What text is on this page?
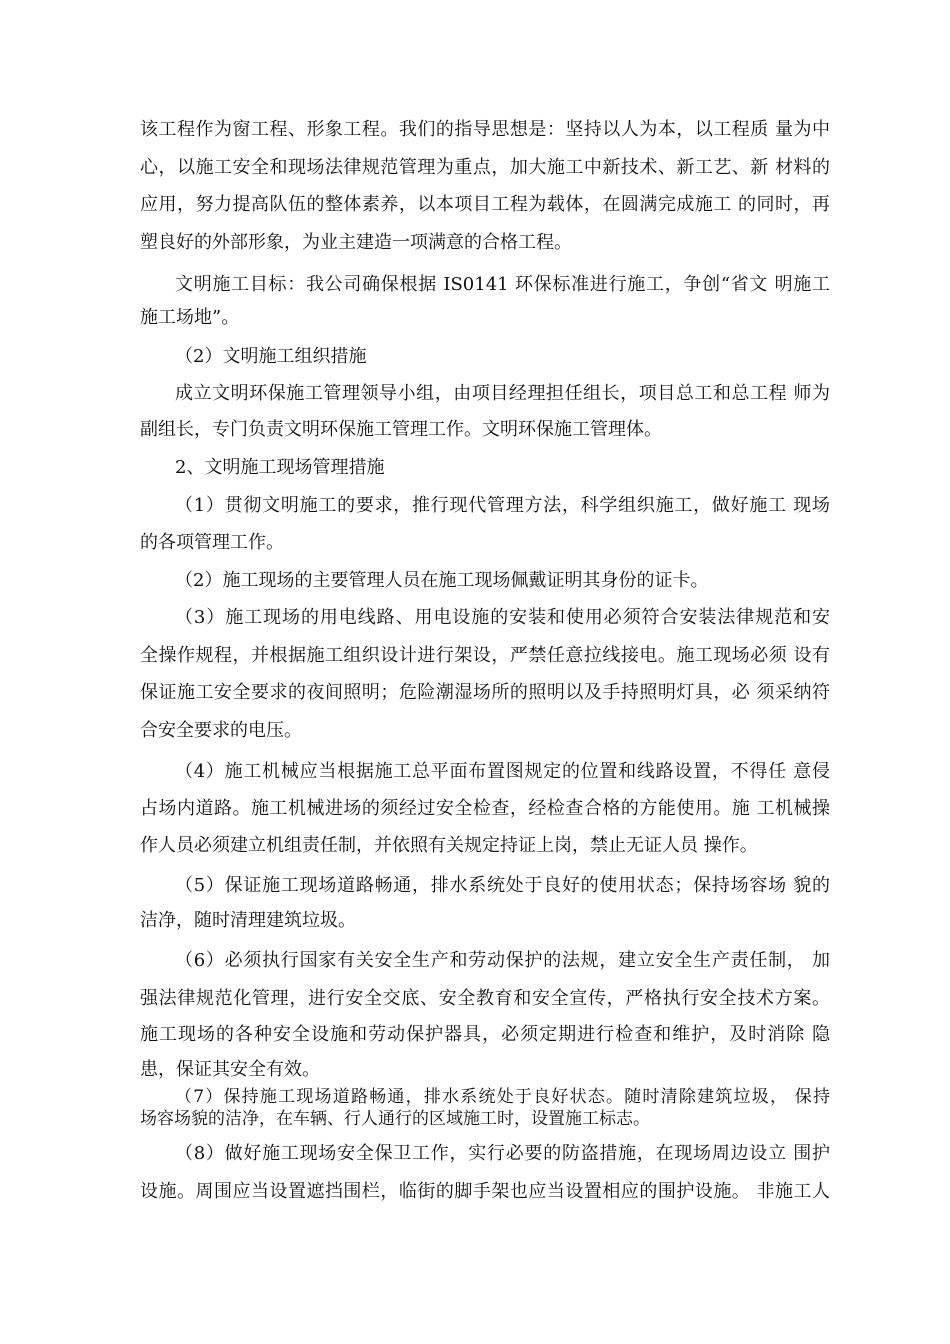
该工程作为窗工程、形象工程。我们的指导思想是：坚持以人为本，以工程质 量为中
心，以施工安全和现场法律规范管理为重点，加大施工中新技术、新工艺、新 材料的
应用，努力提高队伍的整体素养，以本项目工程为载体，在圆满完成施工 的同时，再
塑良好的外部形象，为业主建造一项满意的合格工程。
文明施工目标：我公司确保根据 IS0141 环保标准进行施工，争创“省文 明施工
施工场地”。
（2）文明施工组织措施
成立文明环保施工管理领导小组，由项目经理担任组长，项目总工和总工程 师为
副组长，专门负责文明环保施工管理工作。文明环保施工管理体。
2、文明施工现场管理措施
（1）贯彻文明施工的要求，推行现代管理方法，科学组织施工，做好施工 现场
的各项管理工作。
（2）施工现场的主要管理人员在施工现场佩戴证明其身份的证卡。
（3）施工现场的用电线路、用电设施的安装和使用必须符合安装法律规范和安
全操作规程，并根据施工组织设计进行架设，严禁任意拉线接电。施工现场必须 设有
保证施工安全要求的夜间照明；危险潮湿场所的照明以及手持照明灯具，必 须采纳符
合安全要求的电压。
（4）施工机械应当根据施工总平面布置图规定的位置和线路设置，不得任 意侵
占场内道路。施工机械进场的须经过安全检查，经检查合格的方能使用。施 工机械操
作人员必须建立机组责任制，并依照有关规定持证上岗，禁止无证人员 操作。
（5）保证施工现场道路畅通，排水系统处于良好的使用状态；保持场容场 貌的
洁净，随时清理建筑垃圾。
（6）必须执行国家有关安全生产和劳动保护的法规，建立安全生产责任制， 加
强法律规范化管理，进行安全交底、安全教育和安全宣传，严格执行安全技术方案。
施工现场的各种安全设施和劳动保护器具，必须定期进行检查和维护，及时消除 隐
患，保证其安全有效。
（7）保持施工现场道路畅通，排水系统处于良好状态。随时清除建筑垃圾， 保持
场容场貌的洁净，在车辆、行人通行的区域施工时，设置施工标志。
（8）做好施工现场安全保卫工作，实行必要的防盗措施，在现场周边设立 围护
设施。周围应当设置遮挡围栏，临街的脚手架也应当设置相应的围护设施。 非施工人
